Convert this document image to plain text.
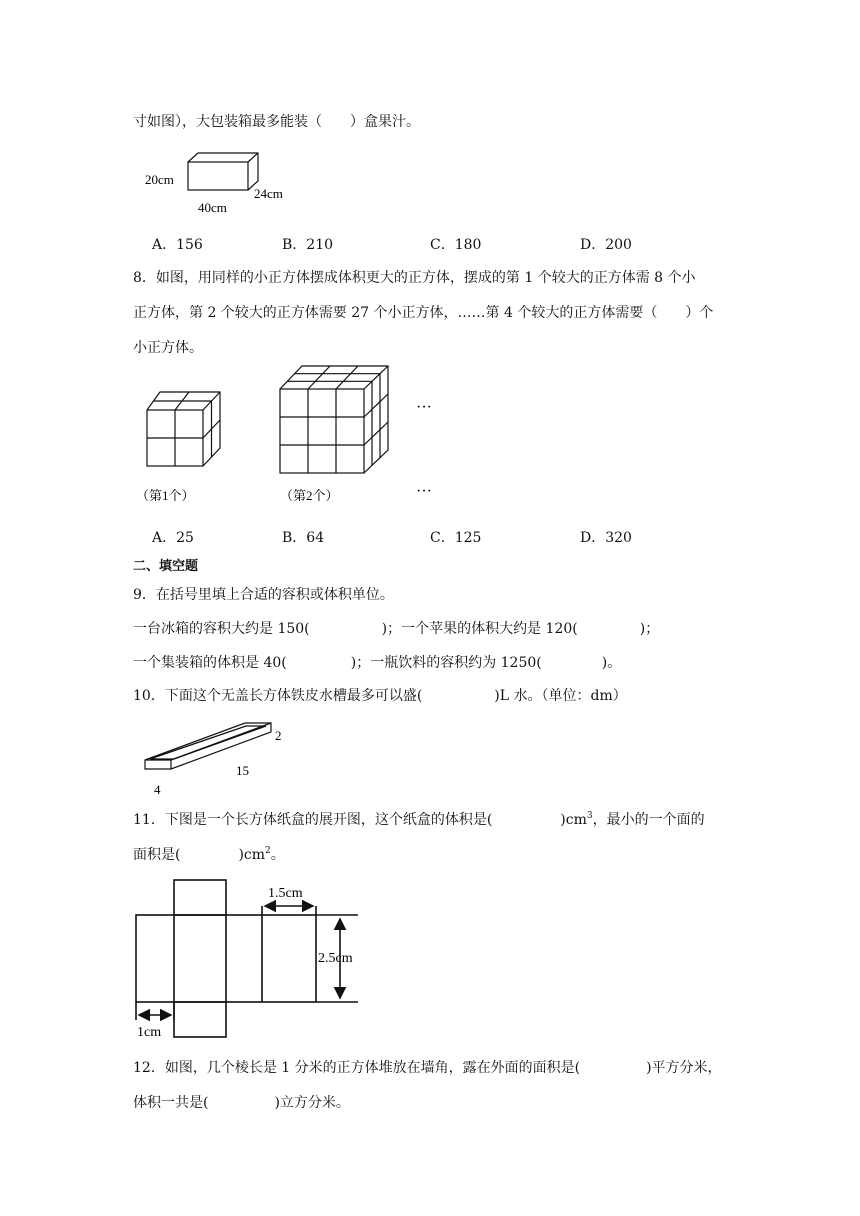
寸如图），大包装箱最多能装（　　）盒果汁。
20cm
40cm
24cm
A．156	B．210	C．180	D．200
8．如图，用同样的小正方体摆成体积更大的正方体，摆成的第 1 个较大的正方体需 8 个小
正方体，第 2 个较大的正方体需要 27 个小正方体，……第 4 个较大的正方体需要（　　）个
小正方体。
···
···
（第1个）	（第2个）
A．25	B．64	C．125	D．320
二、填空题
9．在括号里填上合适的容积或体积单位。
一台冰箱的容积大约是 150(	)；一个苹果的体积大约是 120(	)；
一个集装箱的体积是 40(	)；一瓶饮料的容积约为 1250(	)。
10．下面这个无盖长方体铁皮水槽最多可以盛(	)L 水。（单位：dm）
2
15
4
11．下图是一个长方体纸盒的展开图，这个纸盒的体积是(	)$cm^3$，最小的一个面的
面积是(	)$cm^2$。
1.5cm
2.5cm
1cm
12．如图，几个棱长是 1 分米的正方体堆放在墙角，露在外面的面积是(	)平方分米，
体积一共是(	)立方分米。
